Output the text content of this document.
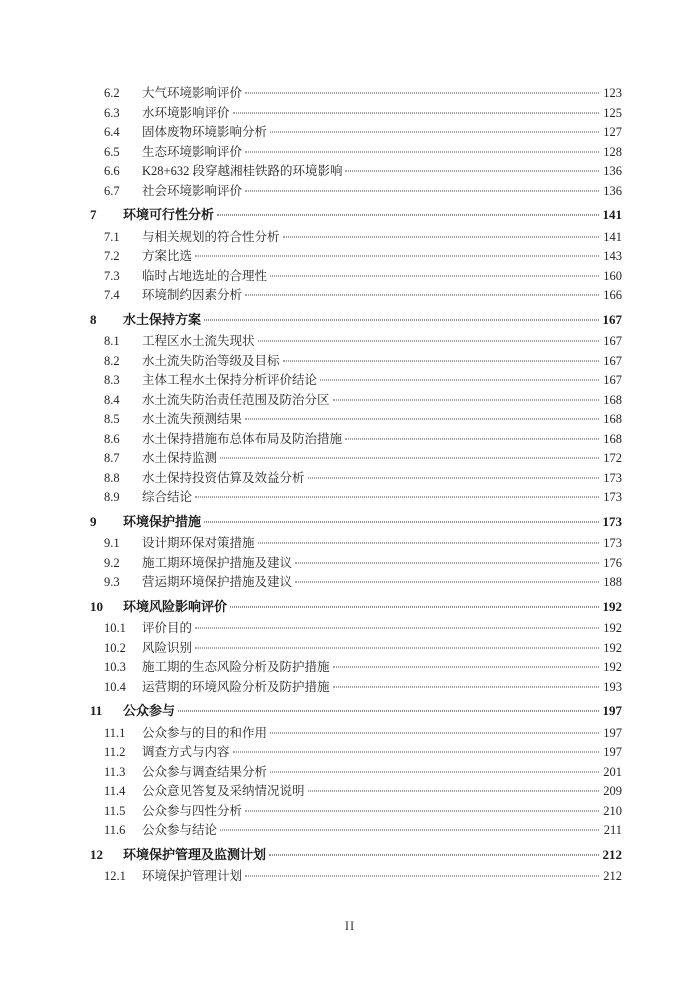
6.2	大气环境影响评价	123
6.3	水环境影响评价	125
6.4	固体废物环境影响分析	127
6.5	生态环境影响评价	128
6.6	K28+632 段穿越湘桂铁路的环境影响	136
6.7	社会环境影响评价	136
7	环境可行性分析	141
7.1	与相关规划的符合性分析	141
7.2	方案比选	143
7.3	临时占地选址的合理性	160
7.4	环境制约因素分析	166
8	水土保持方案	167
8.1	工程区水土流失现状	167
8.2	水土流失防治等级及目标	167
8.3	主体工程水土保持分析评价结论	167
8.4	水土流失防治责任范围及防治分区	168
8.5	水土流失预测结果	168
8.6	水土保持措施布总体布局及防治措施	168
8.7	水土保持监测	172
8.8	水土保持投资估算及效益分析	173
8.9	综合结论	173
9	环境保护措施	173
9.1	设计期环保对策措施	173
9.2	施工期环境保护措施及建议	176
9.3	营运期环境保护措施及建议	188
10	环境风险影响评价	192
10.1	评价目的	192
10.2	风险识别	192
10.3	施工期的生态风险分析及防护措施	192
10.4	运营期的环境风险分析及防护措施	193
11	公众参与	197
11.1	公众参与的目的和作用	197
11.2	调查方式与内容	197
11.3	公众参与调查结果分析	201
11.4	公众意见答复及采纳情况说明	209
11.5	公众参与四性分析	210
11.6	公众参与结论	211
12	环境保护管理及监测计划	212
12.1	环境保护管理计划	212
II
